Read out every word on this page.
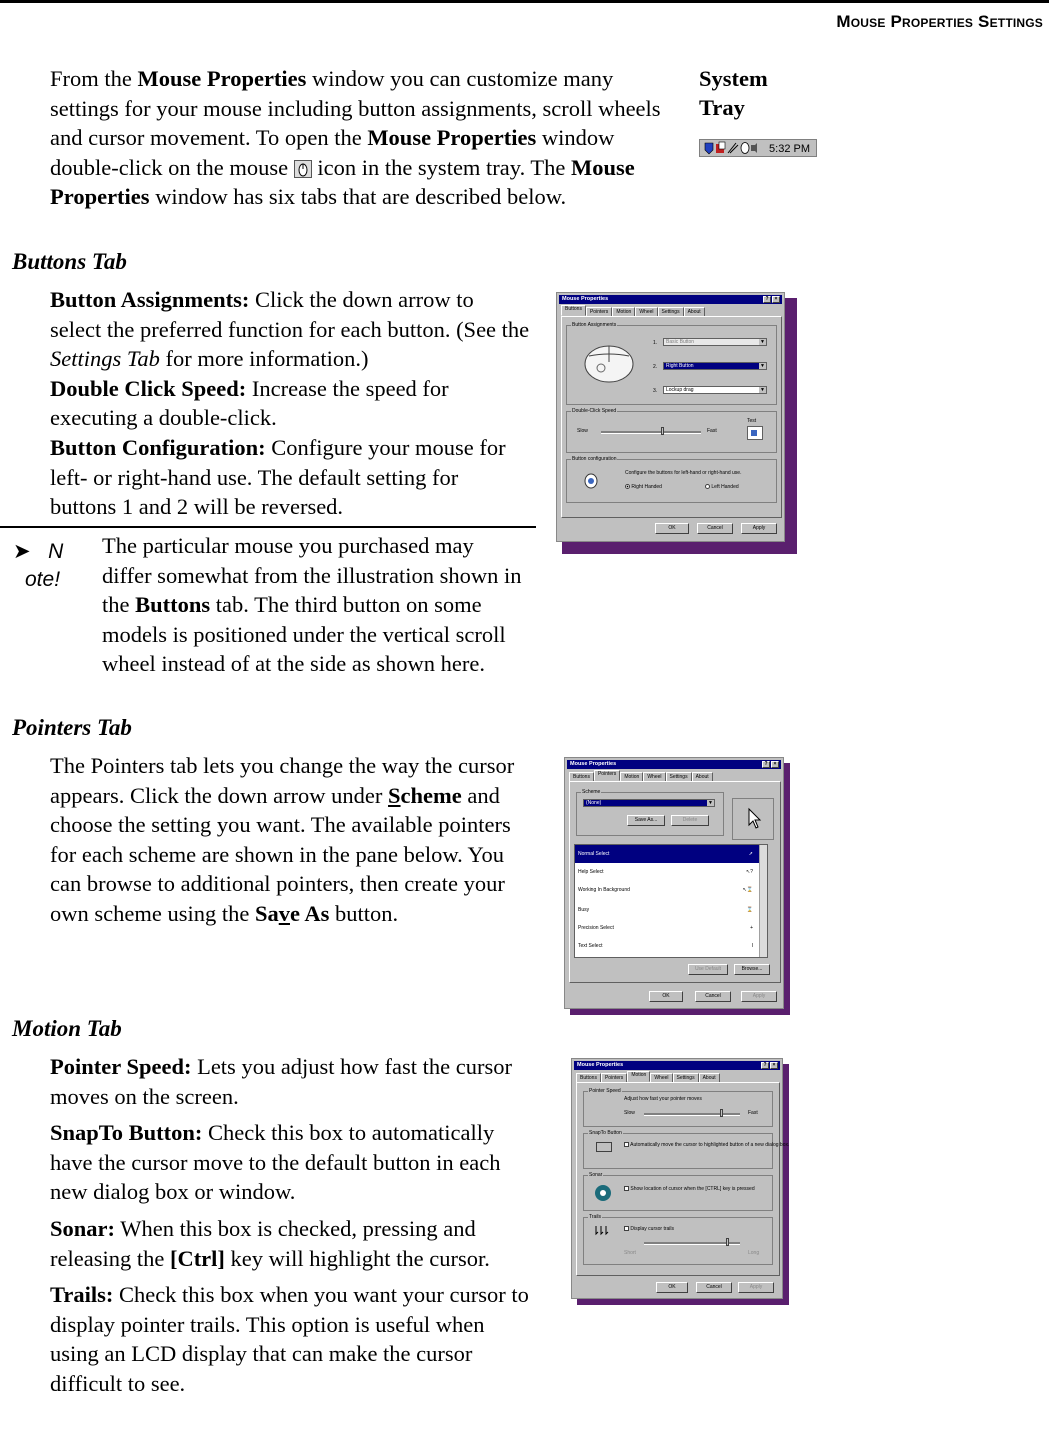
Mouse Properties Settings
From the Mouse Properties window you can customize many settings for your mouse including button assignments, scroll wheels and cursor movement. To open the Mouse Properties window double-click on the mouse
icon in the system tray. The Mouse Properties window has six tabs that are described below.
System
Tray
5:32 PM
Buttons Tab

Button Assignments: Click the down arrow to select the preferred function for each button. (See the Settings Tab for more information.)

Double Click Speed: Increase the speed for executing a double-click.

Button Configuration: Configure your mouse for left- or right-hand use. The default setting for buttons 1 and 2 will be reversed.

➤ N
ote!
The particular mouse you purchased may differ somewhat from the illustration shown in the Buttons tab. The third button on some models is positioned under the vertical scroll wheel instead of at the side as shown here.
Pointers Tab
The Pointers tab lets you change the way the cursor appears. Click the down arrow under Scheme and choose the setting you want. The available pointers for each scheme are shown in the pane below. You can browse to additional pointers, then create your own scheme using the Save As button.
Motion Tab

Pointer Speed: Lets you adjust how fast the cursor moves on the screen.

SnapTo Button: Check this box to automatically have the cursor move to the default button in each new dialog box or window.

Sonar: When this box is checked, pressing and releasing the [Ctrl] key will highlight the cursor.

Trails: Check this box when you want your cursor to display pointer trails. This option is useful when using an LCD display that can make the cursor difficult to see.

Mouse Properties	?	×
Buttons	Pointers	Motion	Wheel	Settings	About
Button Assignments
1.	Basic Button	▼
2.	Right Button	▼
3.	Lockup drag	▼
Double-Click Speed
Slow	Fast
Test
Button configuration
Configure the buttons for left-hand or right-hand use.
Right Handed	Left Handed
OK	Cancel	Apply
Mouse Properties	?	×
Buttons	Pointers	Motion	Wheel	Settings	About
Scheme
(None)	▼
Save As...	Delete
Normal Select	➚
Help Select	↖?
Working In Background	↖⌛
Busy	⌛
Precision Select	+
Text Select	I
Use Default	Browse...
OK	Cancel	Apply
Mouse Properties	?	×
Buttons	Pointers	Motion	Wheel	Settings	About
Pointer Speed
Adjust how fast your pointer moves
Slow	Fast
SnapTo Button
Automatically move the cursor to highlighted button of a new dialog box.
Sonar
Show location of cursor when the [CTRL] key is pressed
Trails
Display cursor trails
Short	Long
OK	Cancel	Apply
